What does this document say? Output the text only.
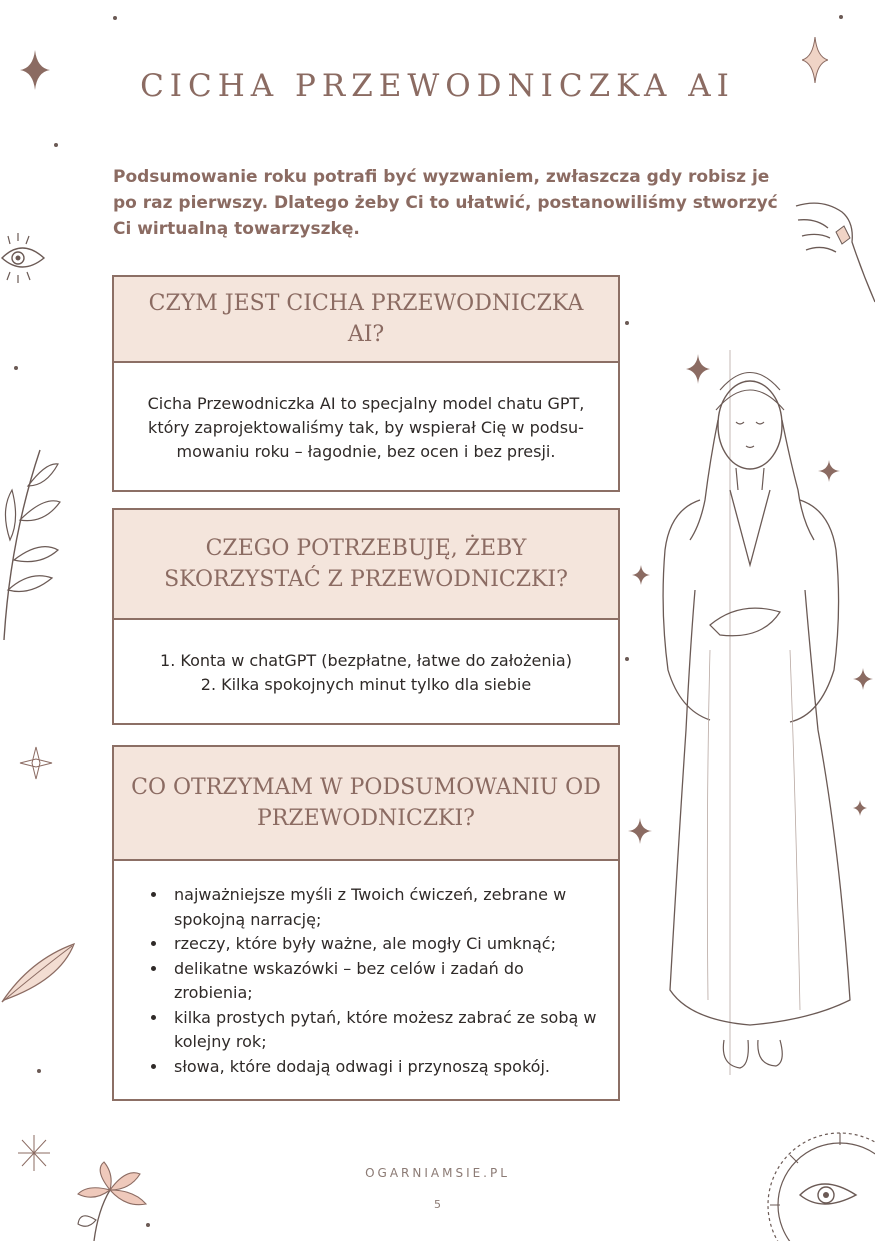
CICHA PRZEWODNICZKA AI

Podsumowanie roku potrafi być wyzwaniem, zwłaszcza gdy robisz je po raz pierwszy. Dlatego żeby Ci to ułatwić, postanowiliśmy stworzyć Ci wirtualną towarzyszkę.

CZYM JEST CICHA PRZEWODNICZKA AI?
Cicha Przewodniczka AI to specjalny model chatu GPT, który zaprojektowaliśmy tak, by wspierał Cię w podsumowaniu roku – łagodnie, bez ocen i bez presji.
CZEGO POTRZEBUJĘ, ŻEBY SKORZYSTAĆ Z PRZEWODNICZKI?
1. Konta w chatGPT (bezpłatne, łatwe do założenia)
2. Kilka spokojnych minut tylko dla siebie
CO OTRZYMAM W PODSUMOWANIU OD PRZEWODNICZKI?
• najważniejsze myśli z Twoich ćwiczeń, zebrane w spokojną narrację;
• rzeczy, które były ważne, ale mogły Ci umknąć;
• delikatne wskazówki – bez celów i zadań do zrobienia;
• kilka prostych pytań, które możesz zabrać ze sobą w kolejny rok;
• słowa, które dodają odwagi i przynoszą spokój.
OGARNIAMSIE.PL
5
